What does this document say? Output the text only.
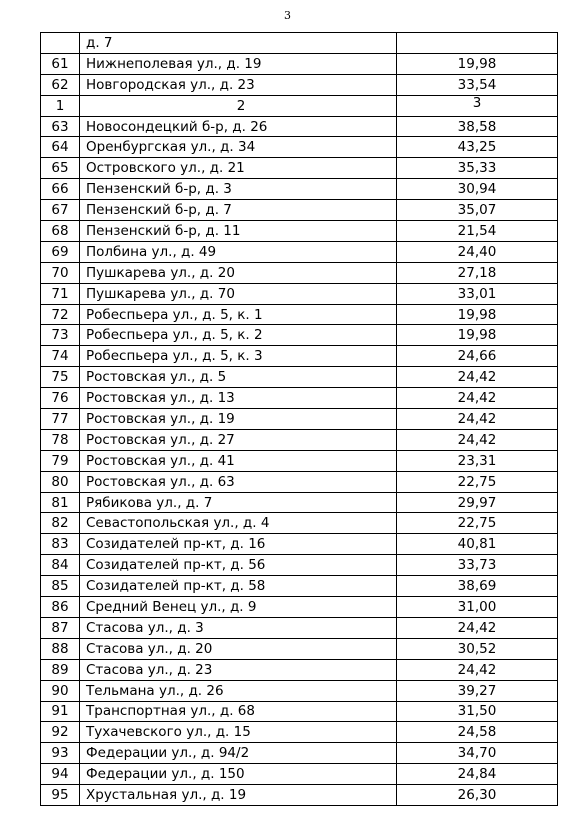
3
	д. 7	
61	Нижнеполевая ул., д. 19	19,98
62	Новгородская ул., д. 23	33,54
1	2	3
63	Новосондецкий б-р, д. 26	38,58
64	Оренбургская ул., д. 34	43,25
65	Островского ул., д. 21	35,33
66	Пензенский б-р, д. 3	30,94
67	Пензенский б-р, д. 7	35,07
68	Пензенский б-р, д. 11	21,54
69	Полбина ул., д. 49	24,40
70	Пушкарева ул., д. 20	27,18
71	Пушкарева ул., д. 70	33,01
72	Робеспьера ул., д. 5, к. 1	19,98
73	Робеспьера ул., д. 5, к. 2	19,98
74	Робеспьера ул., д. 5, к. 3	24,66
75	Ростовская ул., д. 5	24,42
76	Ростовская ул., д. 13	24,42
77	Ростовская ул., д. 19	24,42
78	Ростовская ул., д. 27	24,42
79	Ростовская ул., д. 41	23,31
80	Ростовская ул., д. 63	22,75
81	Рябикова ул., д. 7	29,97
82	Севастопольская ул., д. 4	22,75
83	Созидателей пр-кт, д. 16	40,81
84	Созидателей пр-кт, д. 56	33,73
85	Созидателей пр-кт, д. 58	38,69
86	Средний Венец ул., д. 9	31,00
87	Стасова ул., д. 3	24,42
88	Стасова ул., д. 20	30,52
89	Стасова ул., д. 23	24,42
90	Тельмана ул., д. 26	39,27
91	Транспортная ул., д. 68	31,50
92	Тухачевского ул., д. 15	24,58
93	Федерации ул., д. 94/2	34,70
94	Федерации ул., д. 150	24,84
95	Хрустальная ул., д. 19	26,30
